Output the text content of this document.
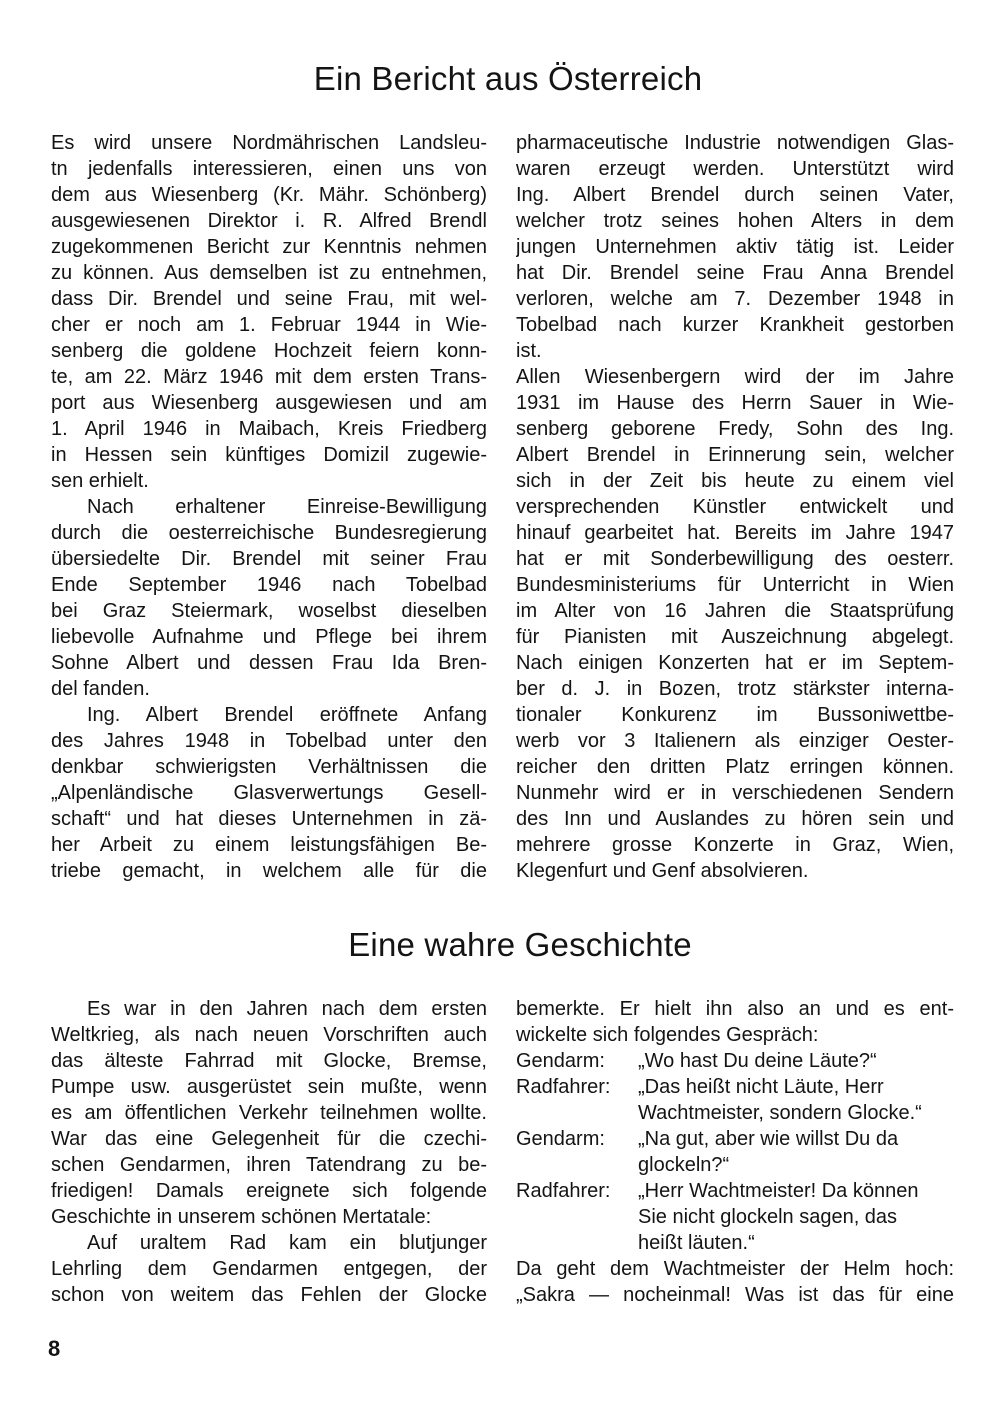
Ein Bericht aus Österreich
Es wird unsere Nordmährischen Landsleu-
tn jedenfalls interessieren, einen uns von
dem aus Wiesenberg (Kr. Mähr. Schönberg)
ausgewiesenen Direktor i. R. Alfred Brendl
zugekommenen Bericht zur Kenntnis nehmen
zu können. Aus demselben ist zu entnehmen,
dass Dir. Brendel und seine Frau, mit wel-
cher er noch am 1. Februar 1944 in Wie-
senberg die goldene Hochzeit feiern konn-
te, am 22. März 1946 mit dem ersten Trans-
port aus Wiesenberg ausgewiesen und am
1. April 1946 in Maibach, Kreis Friedberg
in Hessen sein künftiges Domizil zugewie-
sen erhielt.
Nach erhaltener Einreise-Bewilligung
durch die oesterreichische Bundesregierung
übersiedelte Dir. Brendel mit seiner Frau
Ende September 1946 nach Tobelbad
bei Graz Steiermark, woselbst dieselben
liebevolle Aufnahme und Pflege bei ihrem
Sohne Albert und dessen Frau Ida Bren-
del fanden.
Ing. Albert Brendel eröffnete Anfang
des Jahres 1948 in Tobelbad unter den
denkbar schwierigsten Verhältnissen die
„Alpenländische Glasverwertungs Gesell-
schaft“ und hat dieses Unternehmen in zä-
her Arbeit zu einem leistungsfähigen Be-
triebe gemacht, in welchem alle für die
pharmaceutische Industrie notwendigen Glas-
waren erzeugt werden. Unterstützt wird
Ing. Albert Brendel durch seinen Vater,
welcher trotz seines hohen Alters in dem
jungen Unternehmen aktiv tätig ist. Leider
hat Dir. Brendel seine Frau Anna Brendel
verloren, welche am 7. Dezember 1948 in
Tobelbad nach kurzer Krankheit gestorben
ist.
Allen Wiesenbergern wird der im Jahre
1931 im Hause des Herrn Sauer in Wie-
senberg geborene Fredy, Sohn des Ing.
Albert Brendel in Erinnerung sein, welcher
sich in der Zeit bis heute zu einem viel
versprechenden Künstler entwickelt und
hinauf gearbeitet hat. Bereits im Jahre 1947
hat er mit Sonderbewilligung des oesterr.
Bundesministeriums für Unterricht in Wien
im Alter von 16 Jahren die Staatsprüfung
für Pianisten mit Auszeichnung abgelegt.
Nach einigen Konzerten hat er im Septem-
ber d. J. in Bozen, trotz stärkster interna-
tionaler Konkurenz im Bussoniwettbe-
werb vor 3 Italienern als einziger Oester-
reicher den dritten Platz erringen können.
Nunmehr wird er in verschiedenen Sendern
des Inn und Auslandes zu hören sein und
mehrere grosse Konzerte in Graz, Wien,
Klegenfurt und Genf absolvieren.
Eine wahre Geschichte
Es war in den Jahren nach dem ersten
Weltkrieg, als nach neuen Vorschriften auch
das älteste Fahrrad mit Glocke, Bremse,
Pumpe usw. ausgerüstet sein mußte, wenn
es am öffentlichen Verkehr teilnehmen wollte.
War das eine Gelegenheit für die czechi-
schen Gendarmen, ihren Tatendrang zu be-
friedigen! Damals ereignete sich folgende
Geschichte in unserem schönen Mertatale:
Auf uraltem Rad kam ein blutjunger
Lehrling dem Gendarmen entgegen, der
schon von weitem das Fehlen der Glocke
bemerkte. Er hielt ihn also an und es ent-
wickelte sich folgendes Gespräch:
Gendarm:	„Wo hast Du deine Läute?“
Radfahrer:	„Das heißt nicht Läute, Herr
Wachtmeister, sondern Glocke.“
Gendarm:	„Na gut, aber wie willst Du da
glockeln?“
Radfahrer:	„Herr Wachtmeister! Da können
Sie nicht glockeln sagen, das
heißt läuten.“
Da geht dem Wachtmeister der Helm hoch:
„Sakra — nocheinmal! Was ist das für eine
8
